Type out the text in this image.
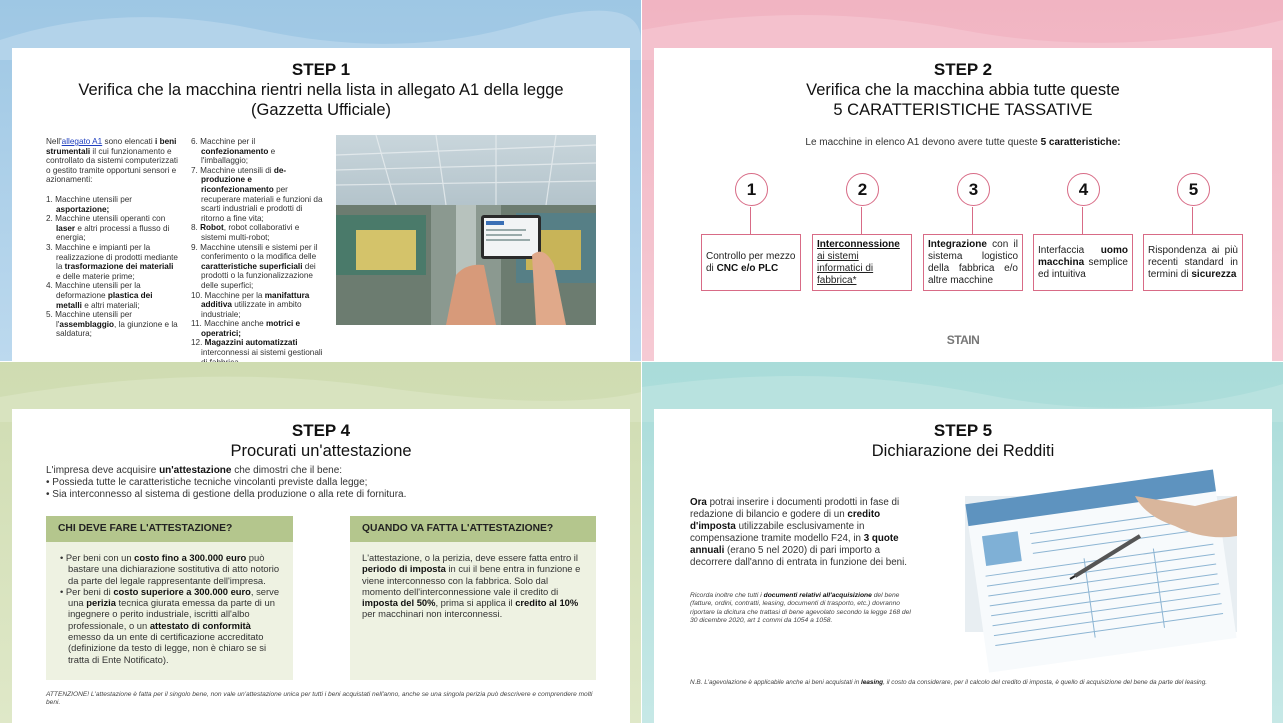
STEP 1
Verifica che la macchina rientri nella lista in allegato A1 della legge
(Gazzetta Ufficiale)

Nell'allegato A1 sono elencati i beni strumentali il cui funzionamento e controllato da sistemi computerizzati o gestito tramite opportuni sensori e azionamenti:

1. Macchine utensili per asportazione;
2. Macchine utensili operanti con laser e altri processi a flusso di energia;
3. Macchine e impianti per la realizzazione di prodotti mediante la trasformazione dei materiali e delle materie prime;
4. Macchine utensili per la deformazione plastica dei metalli e altri materiali;
5. Macchine utensili per l'assemblaggio, la giunzione e la saldatura;
6. Macchine per il confezionamento e l'imballaggio;
7. Macchine utensili di de-produzione e riconfezionamento per recuperare materiali e funzioni da scarti industriali e prodotti di ritorno a fine vita;
8. Robot, robot collaborativi e sistemi multi-robot;
9. Macchine utensili e sistemi per il conferimento o la modifica delle caratteristiche superficiali dei prodotti o la funzionalizzazione delle superfici;
10. Macchine per la manifattura additiva utilizzate in ambito industriale;
11. Macchine anche motrici e operatrici;
12. Magazzini automatizzati interconnessi ai sistemi gestionali
STEP 2
Verifica che la macchina abbia tutte queste
5 CARATTERISTICHE TASSATIVE
Le macchine in elenco A1 devono avere tutte queste 5 caratteristiche:
1
Controllo per mezzo di CNC e/o PLC
2
Interconnessione ai sistemi informatici di fabbrica*
3
Integrazione con il sistema logistico della fabbrica e/o altre macchine
4
Interfaccia uomo macchina semplice ed intuitiva
5
Rispondenza ai più recenti standard in termini di sicurezza
STAIN
STEP 4
Procurati un'attestazione
L'impresa deve acquisire un'attestazione che dimostri che il bene:
• Possieda tutte le caratteristiche tecniche vincolanti previste dalla legge;
• Sia interconnesso al sistema di gestione della produzione o alla rete di fornitura.
CHI DEVE FARE L'ATTESTAZIONE?
• Per beni con un costo fino a 300.000 euro può bastare una dichiarazione sostitutiva di atto notorio da parte del legale rappresentante dell'impresa.
• Per beni di costo superiore a 300.000 euro, serve una perizia tecnica giurata emessa da parte di un ingegnere o perito industriale, iscritti all'albo professionale, o un attestato di conformità emesso da un ente di certificazione accreditato (definizione da testo di legge, non è chiaro se si tratta di Ente Notificato).
QUANDO VA FATTA L'ATTESTAZIONE?
L'attestazione, o la perizia, deve essere fatta entro il periodo di imposta in cui il bene entra in funzione e viene interconnesso con la fabbrica. Solo dal momento dell'interconnessione vale il credito di imposta del 50%, prima si applica il credito al 10% per macchinari non interconnessi.
ATTENZIONE! L'attestazione è fatta per il singolo bene, non vale un'attestazione unica per tutti i beni acquistati nell'anno, anche se una singola perizia può descrivere e comprendere molti beni.
STEP 5
Dichiarazione dei Redditi
Ora potrai inserire i documenti prodotti in fase di redazione di bilancio e godere di un credito d'imposta utilizzabile esclusivamente in compensazione tramite modello F24, in 3 quote annuali (erano 5 nel 2020) di pari importo a decorrere dall'anno di entrata in funzione dei beni.
Ricorda inoltre che tutti i documenti relativi all'acquisizione del bene (fatture, ordini, contratti, leasing, documenti di trasporto, etc.) dovranno riportare la dicitura che trattasi di bene agevolato secondo la legge 168 del 30 dicembre 2020, art 1 commi da 1054 a 1058.
N.B. L'agevolazione è applicabile anche ai beni acquistati in leasing, il costo da considerare, per il calcolo del credito di imposta, è quello di acquisizione del bene da parte del leasing.
